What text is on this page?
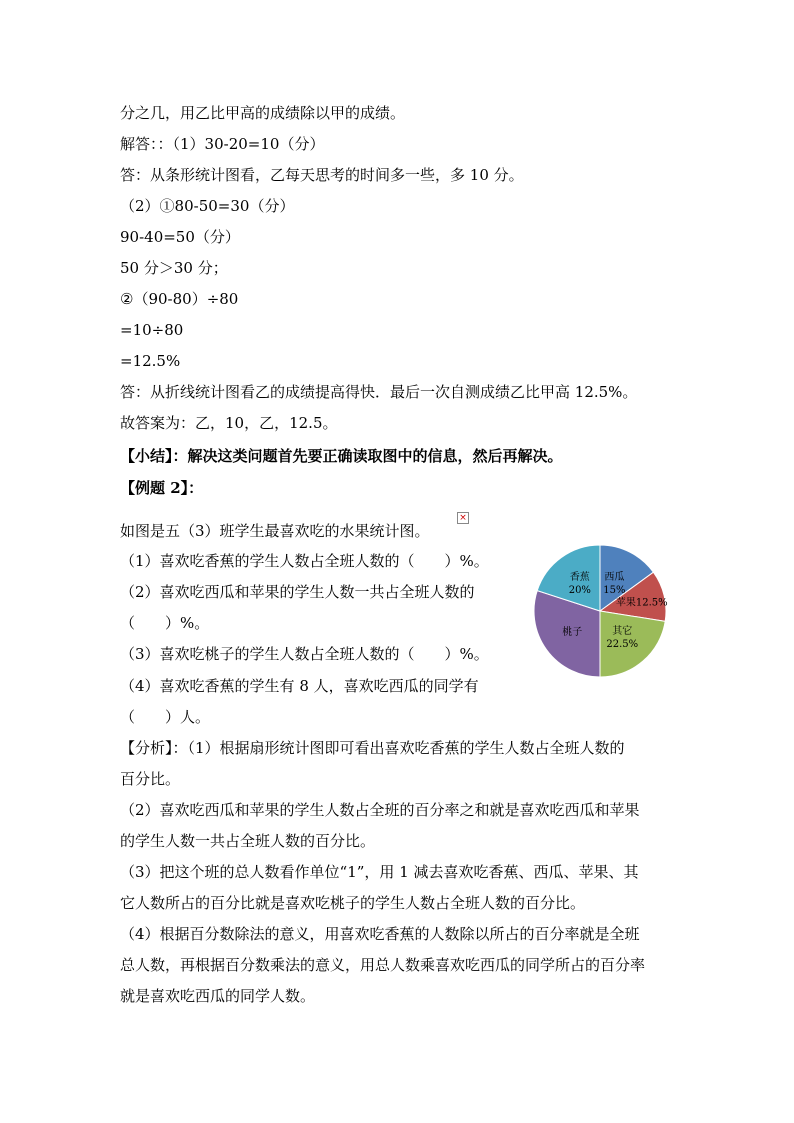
分之几，用乙比甲高的成绩除以甲的成绩。
解答：：（1）30-20=10（分）
答：从条形统计图看，乙每天思考的时间多一些，多 10 分。
（2）①80-50=30（分）
90-40=50（分）
50 分＞30 分；
②（90-80）÷80
=10÷80
=12.5%
答：从折线统计图看乙的成绩提高得快．最后一次自测成绩乙比甲高 12.5%。
故答案为：乙，10，乙，12.5。
【小结】：解决这类问题首先要正确读取图中的信息，然后再解决。
【例题 2】：
如图是五（3）班学生最喜欢吃的水果统计图。
×
（1）喜欢吃香蕉的学生人数占全班人数的（　　）%。
（2）喜欢吃西瓜和苹果的学生人数一共占全班人数的
（　　）%。
（3）喜欢吃桃子的学生人数占全班人数的（　　）%。
（4）喜欢吃香蕉的学生有 8 人，喜欢吃西瓜的同学有
（　　）人。
【分析】：（1）根据扇形统计图即可看出喜欢吃香蕉的学生人数占全班人数的
百分比。
（2）喜欢吃西瓜和苹果的学生人数占全班的百分率之和就是喜欢吃西瓜和苹果
的学生人数一共占全班人数的百分比。
（3）把这个班的总人数看作单位“1”，用 1 减去喜欢吃香蕉、西瓜、苹果、其
它人数所占的百分比就是喜欢吃桃子的学生人数占全班人数的百分比。
（4）根据百分数除法的意义，用喜欢吃香蕉的人数除以所占的百分率就是全班
总人数，再根据百分数乘法的意义，用总人数乘喜欢吃西瓜的同学所占的百分率
就是喜欢吃西瓜的同学人数。
西瓜
15%
苹果12.5%
其它
22.5%
桃子
香蕉
20%
